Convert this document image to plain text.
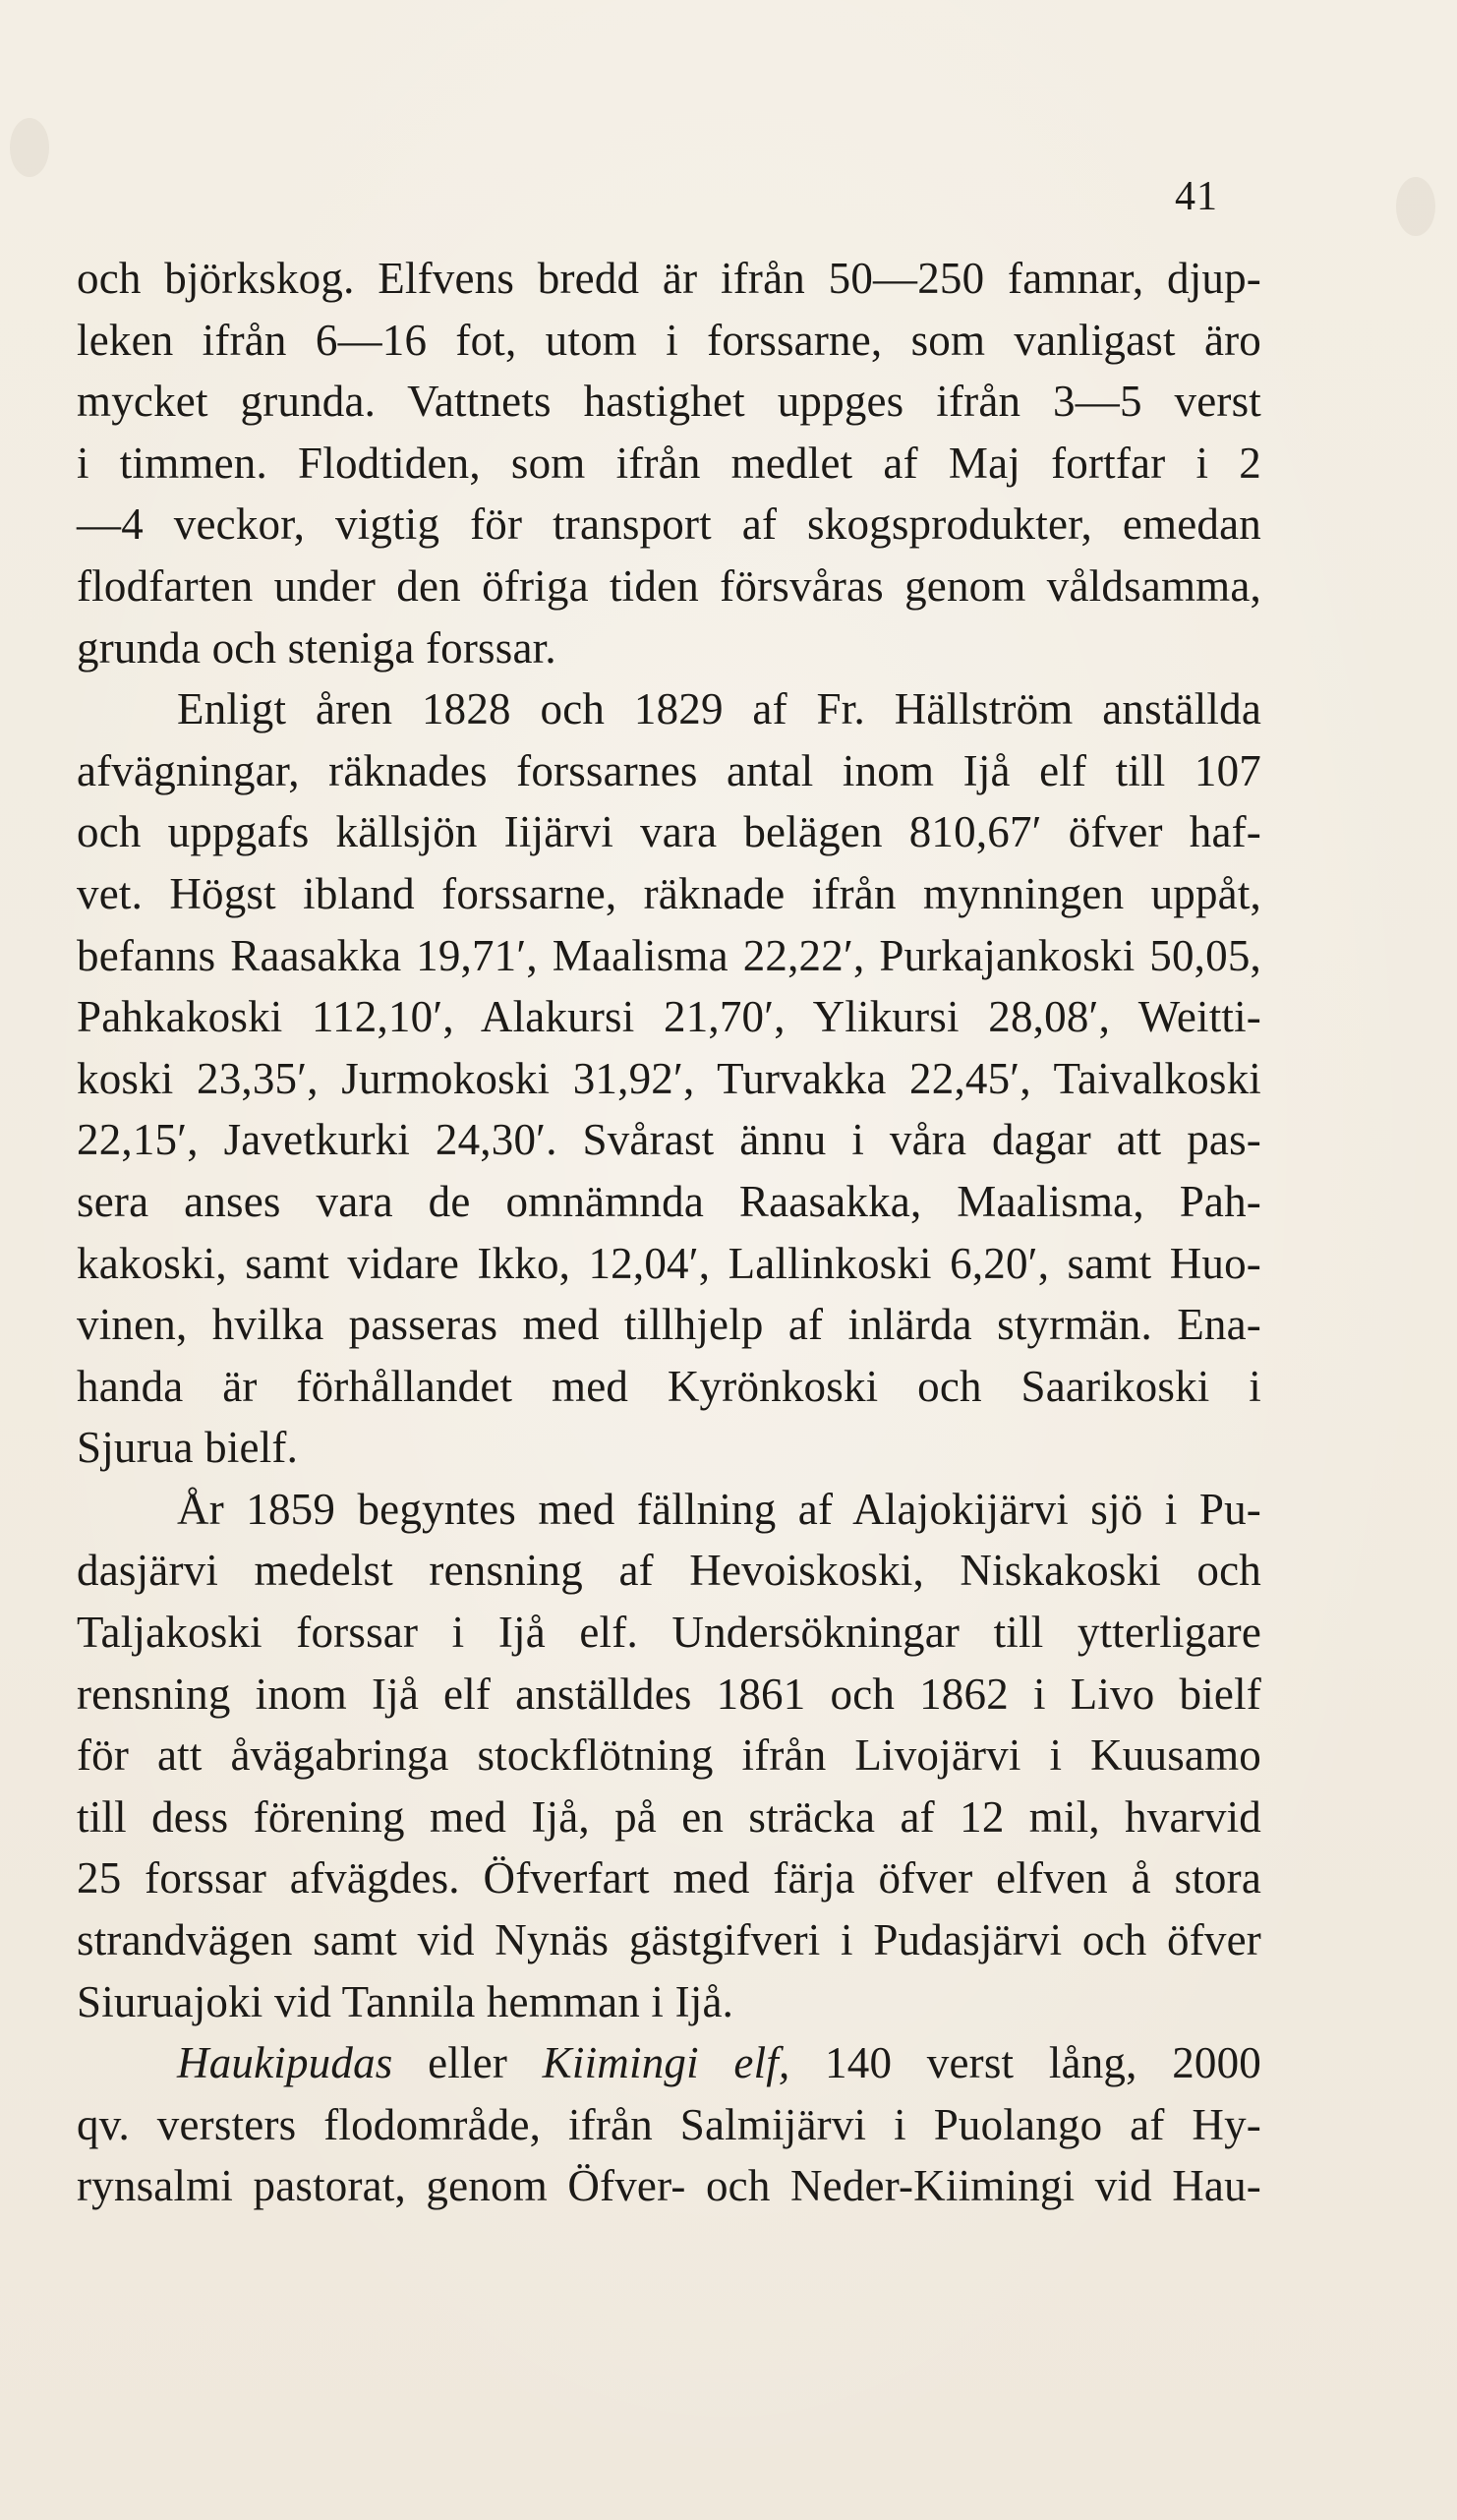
41
och björkskog. Elfvens bredd är ifrån 50—250 famnar, djup-
leken ifrån 6—16 fot, utom i forssarne, som vanligast äro
mycket grunda. Vattnets hastighet uppges ifrån 3—5 verst
i timmen. Flodtiden, som ifrån medlet af Maj fortfar i 2
—4 veckor, vigtig för transport af skogsprodukter, emedan
flodfarten under den öfriga tiden försvåras genom våldsamma,
grunda och steniga forssar.
Enligt åren 1828 och 1829 af Fr. Hällström anställda
afvägningar, räknades forssarnes antal inom Ijå elf till 107
och uppgafs källsjön Iijärvi vara belägen 810,67′ öfver haf-
vet. Högst ibland forssarne, räknade ifrån mynningen uppåt,
befanns Raasakka 19,71′, Maalisma 22,22′, Purkajankoski 50,05,
Pahkakoski 112,10′, Alakursi 21,70′, Ylikursi 28,08′, Weitti-
koski 23,35′, Jurmokoski 31,92′, Turvakka 22,45′, Taivalkoski
22,15′, Javetkurki 24,30′. Svårast ännu i våra dagar att pas-
sera anses vara de omnämnda Raasakka, Maalisma, Pah-
kakoski, samt vidare Ikko, 12,04′, Lallinkoski 6,20′, samt Huo-
vinen, hvilka passeras med tillhjelp af inlärda styrmän. Ena-
handa är förhållandet med Kyrönkoski och Saarikoski i
Sjurua bielf.
År 1859 begyntes med fällning af Alajokijärvi sjö i Pu-
dasjärvi medelst rensning af Hevoiskoski, Niskakoski och
Taljakoski forssar i Ijå elf. Undersökningar till ytterligare
rensning inom Ijå elf anställdes 1861 och 1862 i Livo bielf
för att åvägabringa stockflötning ifrån Livojärvi i Kuusamo
till dess förening med Ijå, på en sträcka af 12 mil, hvarvid
25 forssar afvägdes. Öfverfart med färja öfver elfven å stora
strandvägen samt vid Nynäs gästgifveri i Pudasjärvi och öfver
Siuruajoki vid Tannila hemman i Ijå.
Haukipudas eller Kiimingi elf, 140 verst lång, 2000
qv. versters flodområde, ifrån Salmijärvi i Puolango af Hy-
rynsalmi pastorat, genom Öfver- och Neder-Kiimingi vid Hau-
